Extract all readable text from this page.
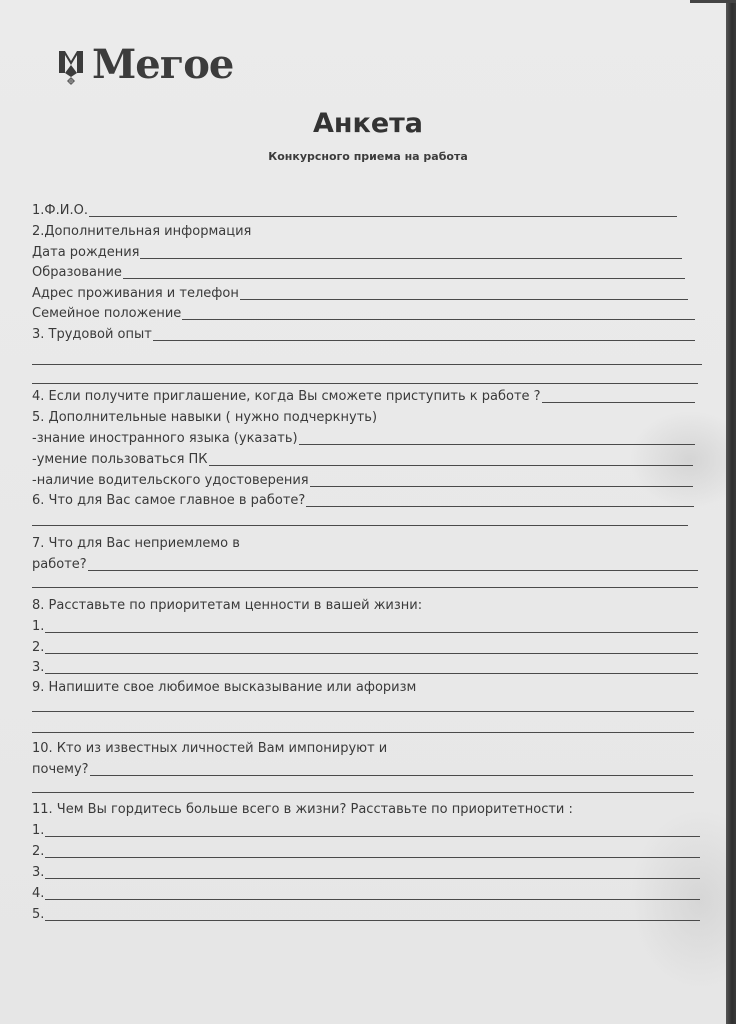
Мегое
Анкета
Конкурсного приема на работа
1.Ф.И.О.
2.Дополнительная информация
Дата рождения
Образование
Адрес проживания и телефон
Семейное положение
3. Трудовой опыт
4. Если получите приглашение, когда Вы сможете приступить к работе ?
5. Дополнительные навыки ( нужно подчеркнуть)
-знание иностранного языка (указать)
-умение пользоваться ПК
-наличие водительского удостоверения
6. Что для Вас самое главное в работе?
7. Что для Вас неприемлемо в
работе?
8. Расставьте по приоритетам ценности в вашей жизни:
1.
2.
3.
9. Напишите свое любимое высказывание или афоризм
10. Кто из известных личностей Вам импонируют и
почему?
11. Чем Вы гордитесь больше всего в жизни? Расставьте по приоритетности :
1.
2.
3.
4.
5.
